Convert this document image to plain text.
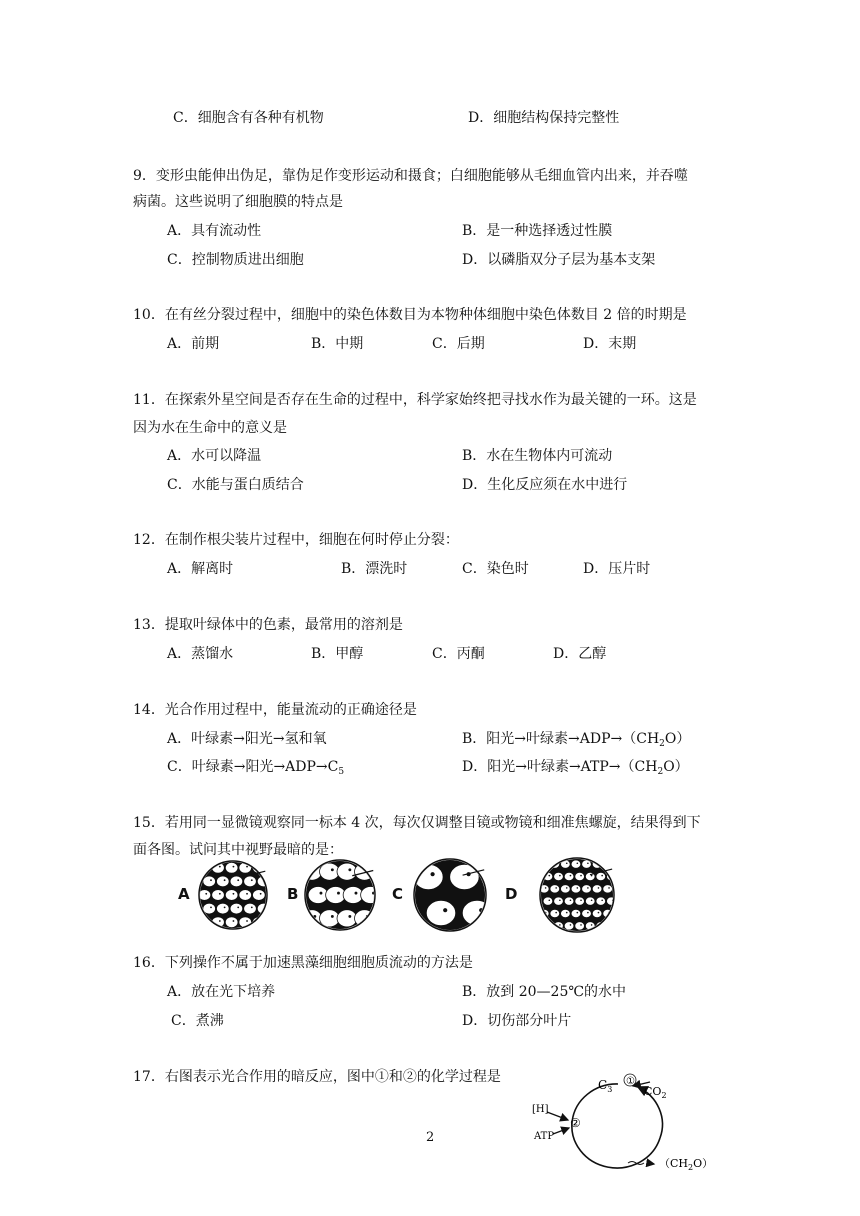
C．细胞含有各种有机物	D．细胞结构保持完整性
9．变形虫能伸出伪足，靠伪足作变形运动和摄食；白细胞能够从毛细血管内出来，并吞噬
病菌。这些说明了细胞膜的特点是
A．具有流动性	B．是一种选择透过性膜
C．控制物质进出细胞	D．以磷脂双分子层为基本支架
10．在有丝分裂过程中，细胞中的染色体数目为本物种体细胞中染色体数目 2 倍的时期是
A．前期	B．中期	C．后期	D．末期
11．在探索外星空间是否存在生命的过程中，科学家始终把寻找水作为最关键的一环。这是
因为水在生命中的意义是
A．水可以降温	B．水在生物体内可流动
C．水能与蛋白质结合	D．生化反应须在水中进行
12．在制作根尖装片过程中，细胞在何时停止分裂：
A．解离时	B．漂洗时	C．染色时	D．压片时
13．提取叶绿体中的色素，最常用的溶剂是
A．蒸馏水	B．甲醇	C．丙酮	D．乙醇
14．光合作用过程中，能量流动的正确途径是
A．叶绿素→阳光→氢和氧	B．阳光→叶绿素$\to ADP\to(CH_2O)$
C．叶绿素→阳光$\to ADP\to C_5$	D．阳光→叶绿素$\to ATP\to(CH_2O)$
15．若用同一显微镜观察同一标本 4 次，每次仅调整目镜或物镜和细准焦螺旋，结果得到下
面各图。试问其中视野最暗的是：
A	B	C	D
16．下列操作不属于加速黑藻细胞细胞质流动的方法是
A．放在光下培养	B．放到 20—25℃的水中
C．煮沸	D．切伤部分叶片
17．右图表示光合作用的暗反应，图中①和②的化学过程是	$C_3$
①
$CO_2$
[H]
②
ATP
$(CH_2O)$
2
